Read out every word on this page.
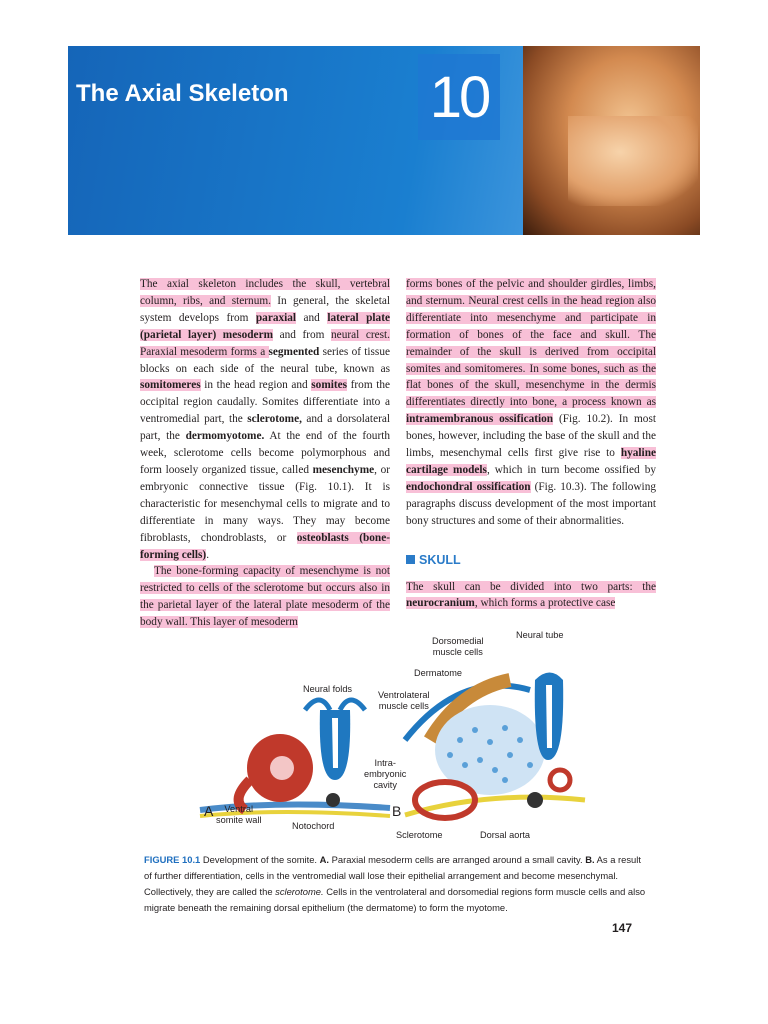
The Axial Skeleton 10

The axial skeleton includes the skull, vertebral column, ribs, and sternum. In general, the skeletal system develops from paraxial and lateral plate (parietal layer) mesoderm and from neural crest. Paraxial mesoderm forms a segmented series of tissue blocks on each side of the neural tube, known as somitomeres in the head region and somites from the occipital region caudally. Somites differentiate into a ventromedial part, the sclerotome, and a dorsolateral part, the dermomyotome. At the end of the fourth week, sclerotome cells become polymorphous and form loosely organized tissue, called mesenchyme, or embryonic connective tissue (Fig. 10.1). It is characteristic for mesenchymal cells to migrate and to differentiate in many ways. They may become fibroblasts, chondroblasts, or osteoblasts (bone-forming cells).

The bone-forming capacity of mesenchyme is not restricted to cells of the sclerotome but occurs also in the parietal layer of the lateral plate mesoderm of the body wall. This layer of mesoderm

forms bones of the pelvic and shoulder girdles, limbs, and sternum. Neural crest cells in the head region also differentiate into mesenchyme and participate in formation of bones of the face and skull. The remainder of the skull is derived from occipital somites and somitomeres. In some bones, such as the flat bones of the skull, mesenchyme in the dermis differentiates directly into bone, a process known as intramembranous ossification (Fig. 10.2). In most bones, however, including the base of the skull and the limbs, mesenchymal cells first give rise to hyaline cartilage models, which in turn become ossified by endochondral ossification (Fig. 10.3). The following paragraphs discuss development of the most important bony structures and some of their abnormalities.

SKULL

The skull can be divided into two parts: the neurocranium, which forms a protective case

Neural tube
Dorsomedial
muscle cells
Dermatome
Neural folds
Ventrolateral
muscle cells
Intra-
embryonic
cavity
Ventral
somite wall
Notochord
Sclerotome	Dorsal aorta
A	B

FIGURE 10.1 Development of the somite. A. Paraxial mesoderm cells are arranged around a small cavity. B. As a result of further differentiation, cells in the ventromedial wall lose their epithelial arrangement and become mesenchymal. Collectively, they are called the sclerotome. Cells in the ventrolateral and dorsomedial regions form muscle cells and also migrate beneath the remaining dorsal epithelium (the dermatome) to form the myotome.

147
